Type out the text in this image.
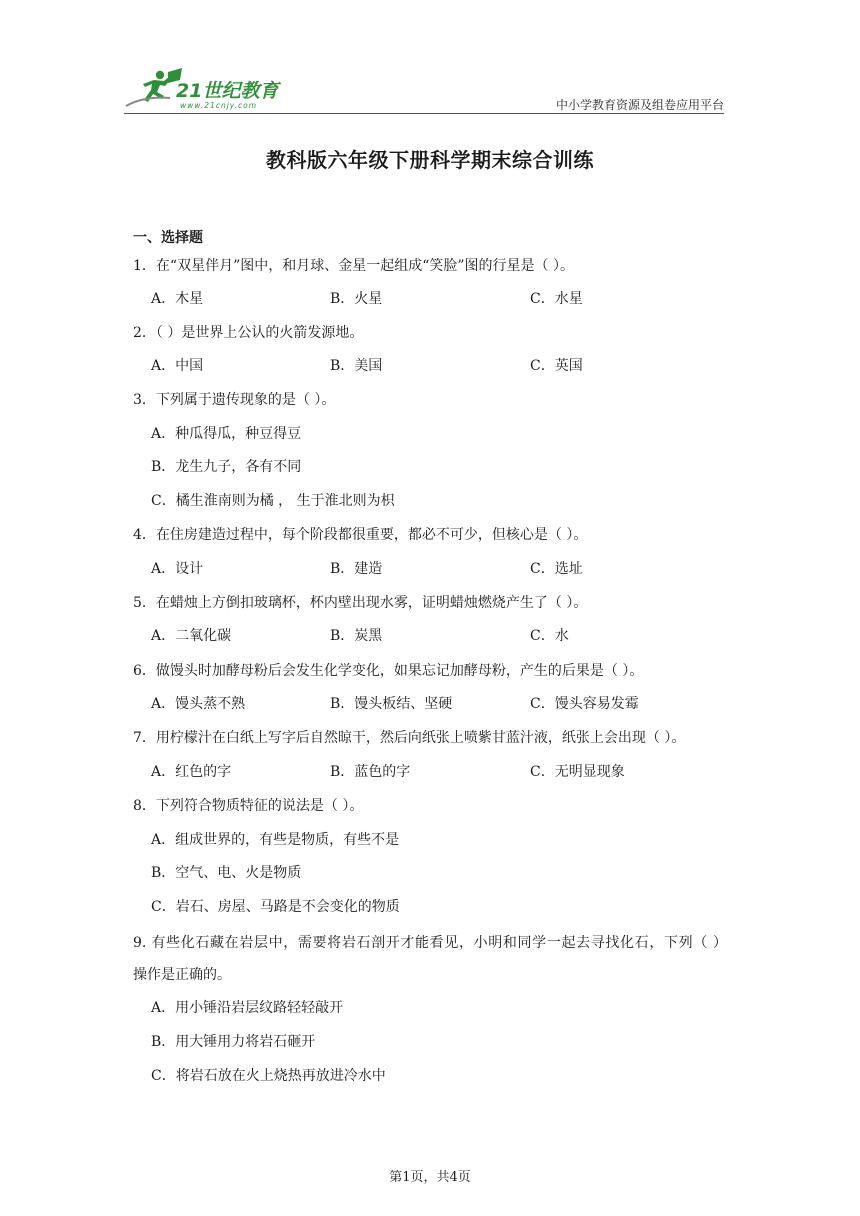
21世纪教育
www.21cnjy.com	中小学教育资源及组卷应用平台
教科版六年级下册科学期末综合训练
一、选择题
1．在“双星伴月”图中，和月球、金星一起组成“笑脸”图的行星是（ ）。
A．木星	B．火星	C．水星
2．（ ）是世界上公认的火箭发源地。
A．中国	B．美国	C．英国
3．下列属于遗传现象的是（ ）。
A．种瓜得瓜，种豆得豆
B．龙生九子，各有不同
C．橘生淮南则为橘 ， 生于淮北则为枳
4．在住房建造过程中，每个阶段都很重要，都必不可少，但核心是（ ）。
A．设计	B．建造	C．选址
5．在蜡烛上方倒扣玻璃杯，杯内壁出现水雾，证明蜡烛燃烧产生了（ ）。
A．二氧化碳	B．炭黑	C．水
6．做馒头时加酵母粉后会发生化学变化，如果忘记加酵母粉，产生的后果是（ ）。
A．馒头蒸不熟	B．馒头板结、坚硬	C．馒头容易发霉
7．用柠檬汁在白纸上写字后自然晾干，然后向纸张上喷紫甘蓝汁液，纸张上会出现（ ）。
A．红色的字	B．蓝色的字	C．无明显现象
8．下列符合物质特征的说法是（ ）。
A．组成世界的，有些是物质，有些不是
B．空气、电、火是物质
C．岩石、房屋、马路是不会变化的物质
9. 有些化石藏在岩层中，需要将岩石剖开才能看见，小明和同学一起去寻找化石，下列（ ）
操作是正确的。
A．用小锤沿岩层纹路轻轻敲开
B．用大锤用力将岩石砸开
C．将岩石放在火上烧热再放进冷水中
第1页，共4页
